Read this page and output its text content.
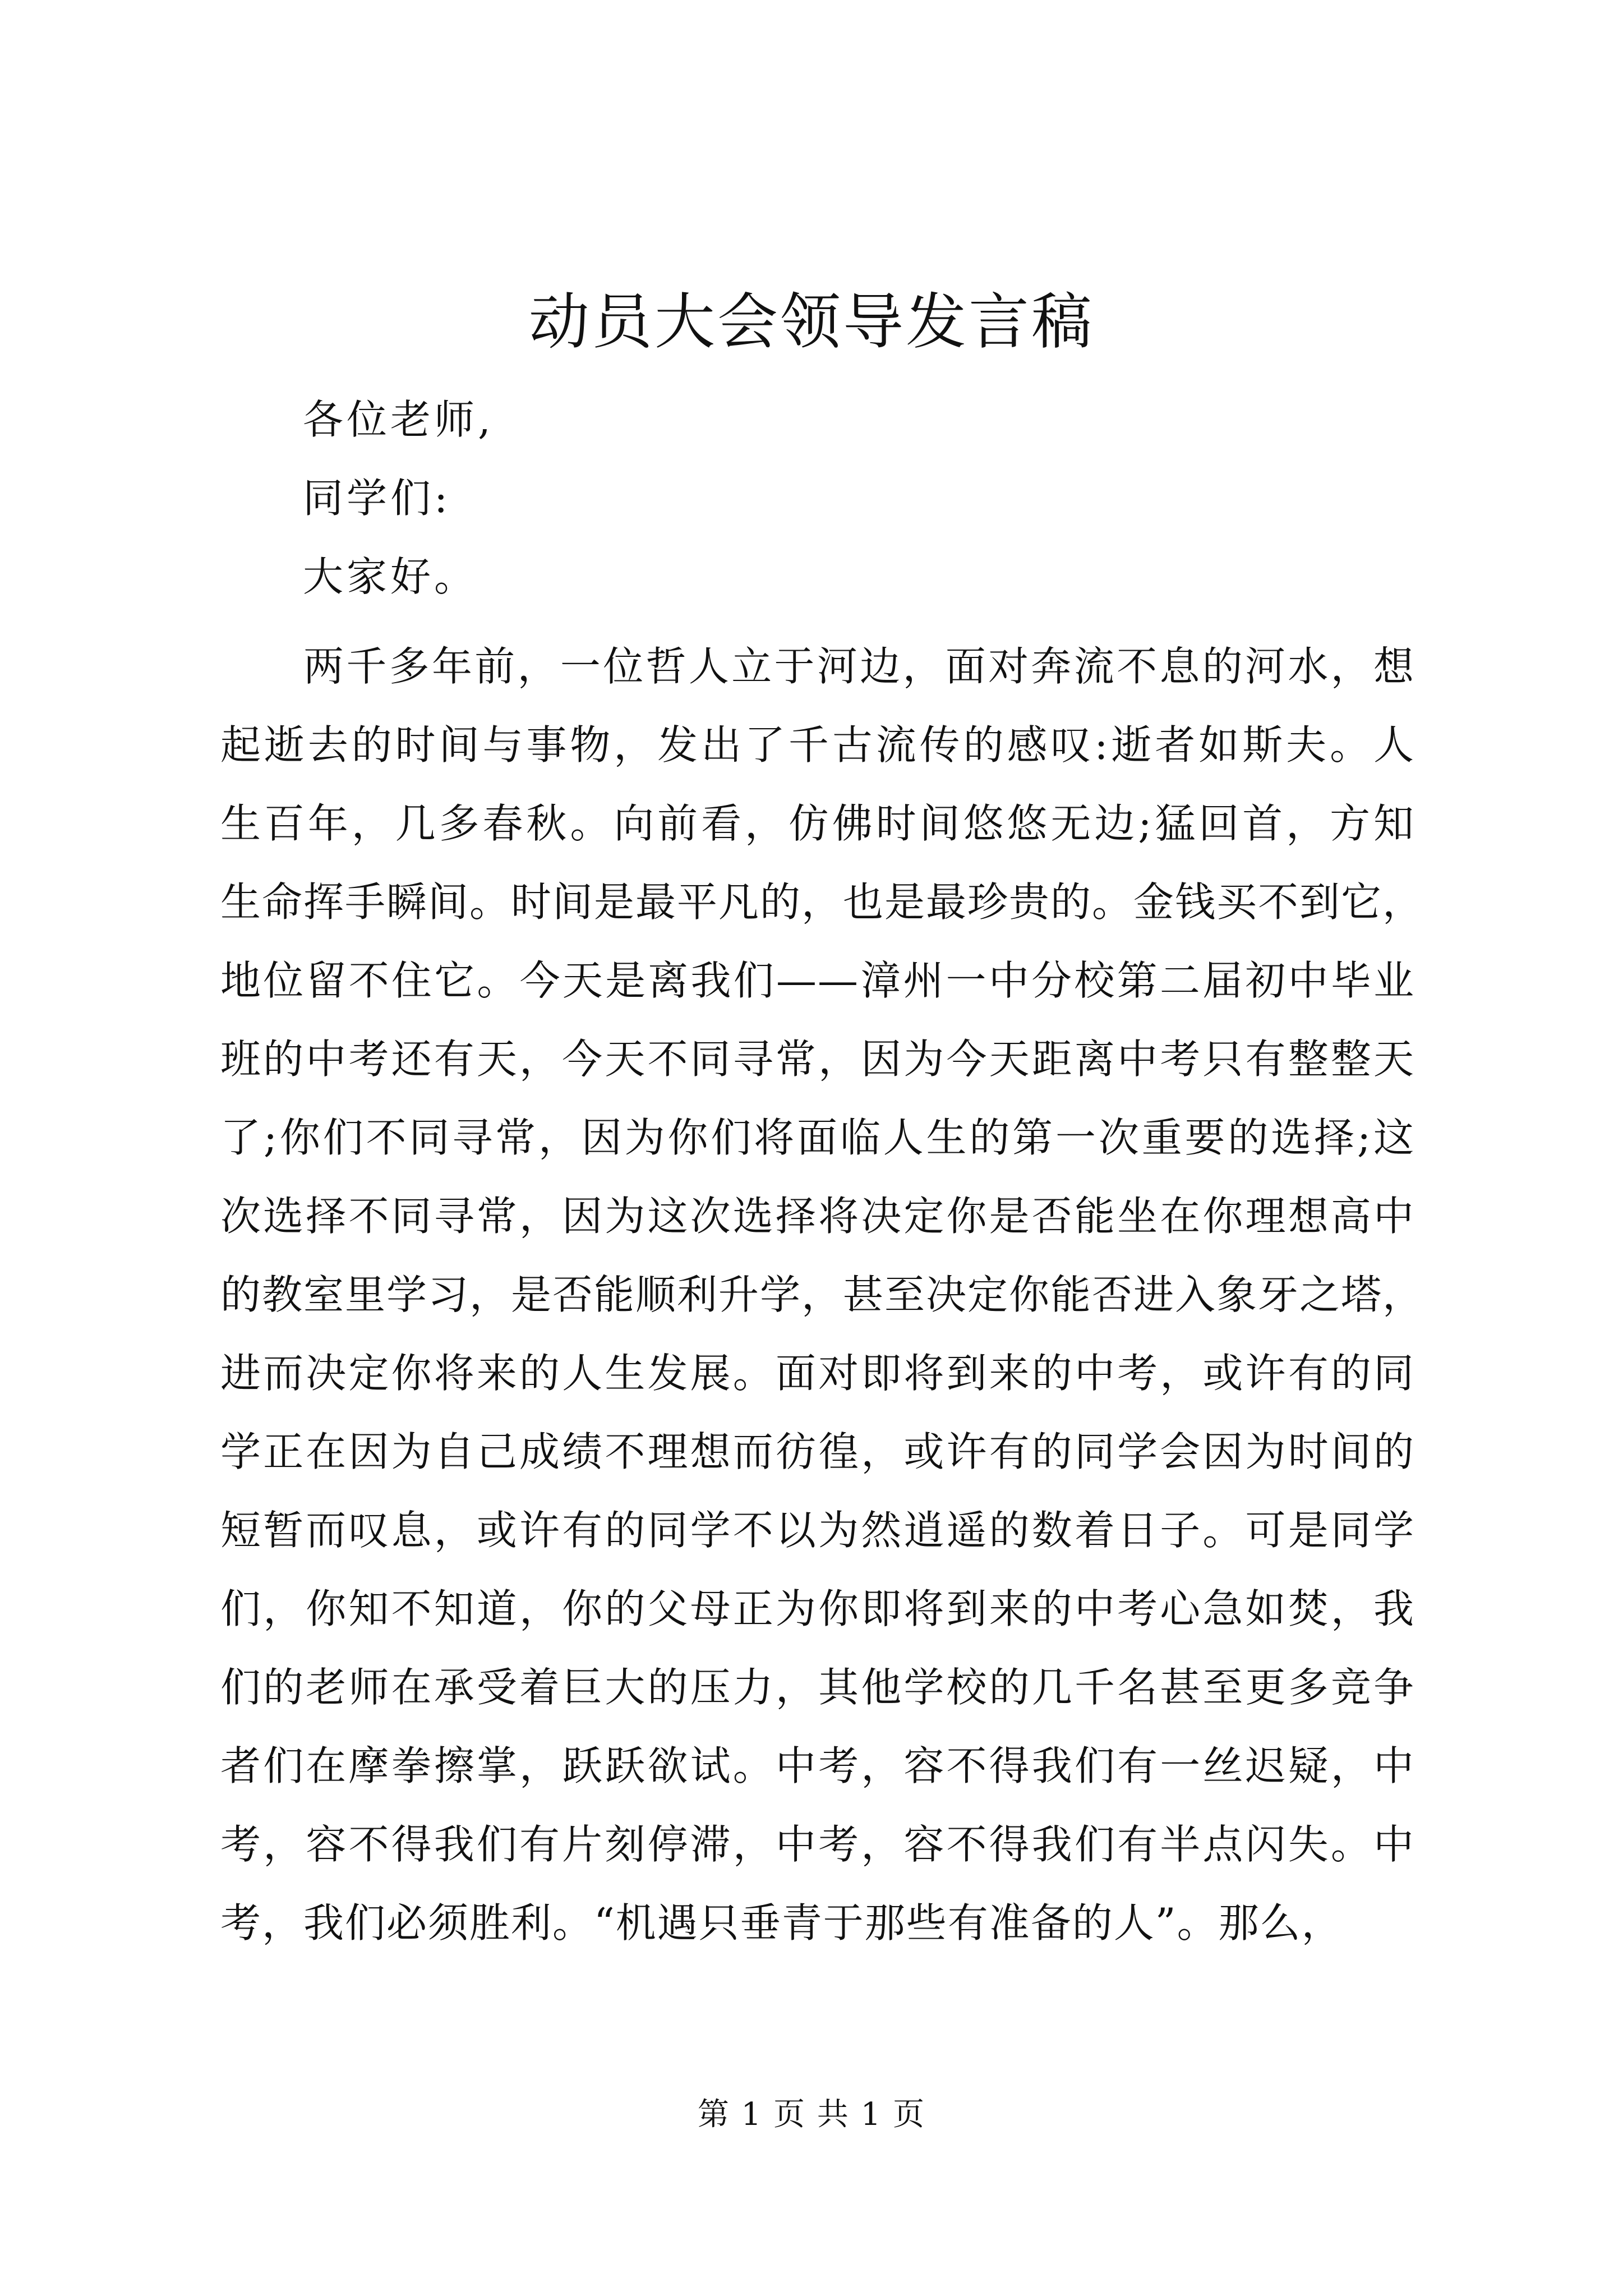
动员大会领导发言稿
各位老师,
同学们:
大家好。
两千多年前，一位哲人立于河边，面对奔流不息的河水，想
起逝去的时间与事物，发出了千古流传的感叹:逝者如斯夫。人
生百年，几多春秋。向前看，仿佛时间悠悠无边;猛回首，方知
生命挥手瞬间。时间是最平凡的，也是最珍贵的。金钱买不到它，
地位留不住它。今天是离我们——漳州一中分校第二届初中毕业
班的中考还有天，今天不同寻常，因为今天距离中考只有整整天
了;你们不同寻常，因为你们将面临人生的第一次重要的选择;这
次选择不同寻常，因为这次选择将决定你是否能坐在你理想高中
的教室里学习，是否能顺利升学，甚至决定你能否进入象牙之塔，
进而决定你将来的人生发展。面对即将到来的中考，或许有的同
学正在因为自己成绩不理想而彷徨，或许有的同学会因为时间的
短暂而叹息，或许有的同学不以为然逍遥的数着日子。可是同学
们，你知不知道，你的父母正为你即将到来的中考心急如焚，我
们的老师在承受着巨大的压力，其他学校的几千名甚至更多竞争
者们在摩拳擦掌，跃跃欲试。中考，容不得我们有一丝迟疑，中
考，容不得我们有片刻停滞，中考，容不得我们有半点闪失。中
考，我们必须胜利。“机遇只垂青于那些有准备的人”。那么，
第 1 页 共 1 页
